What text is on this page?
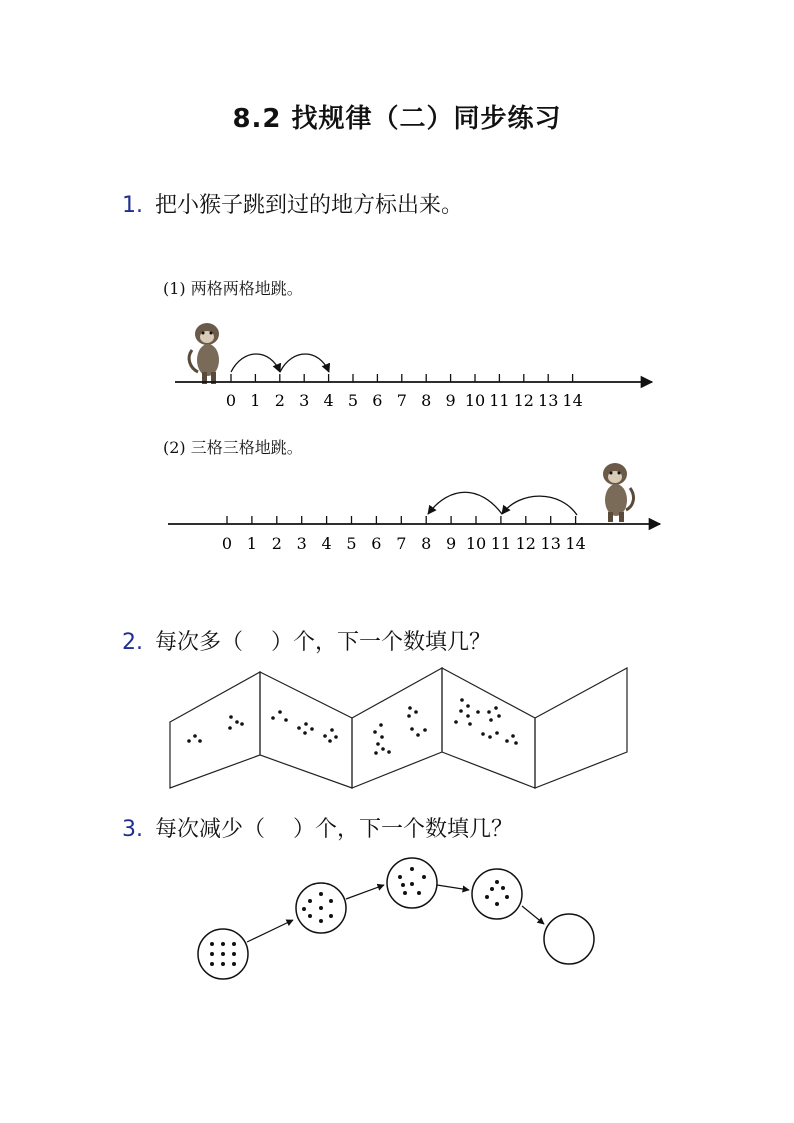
8.2 找规律（二）同步练习
1. 把小猴子跳到过的地方标出来。
(1) 两格两格地跳。
0 1 2 3 4 5 6 7 8 9 10 11 12 13 14
(2) 三格三格地跳。
0 1 2 3 4 5 6 7 8 9 10 11 12 13 14
2. 每次多（ ）个，下一个数填几？
3. 每次减少（ ）个，下一个数填几？
